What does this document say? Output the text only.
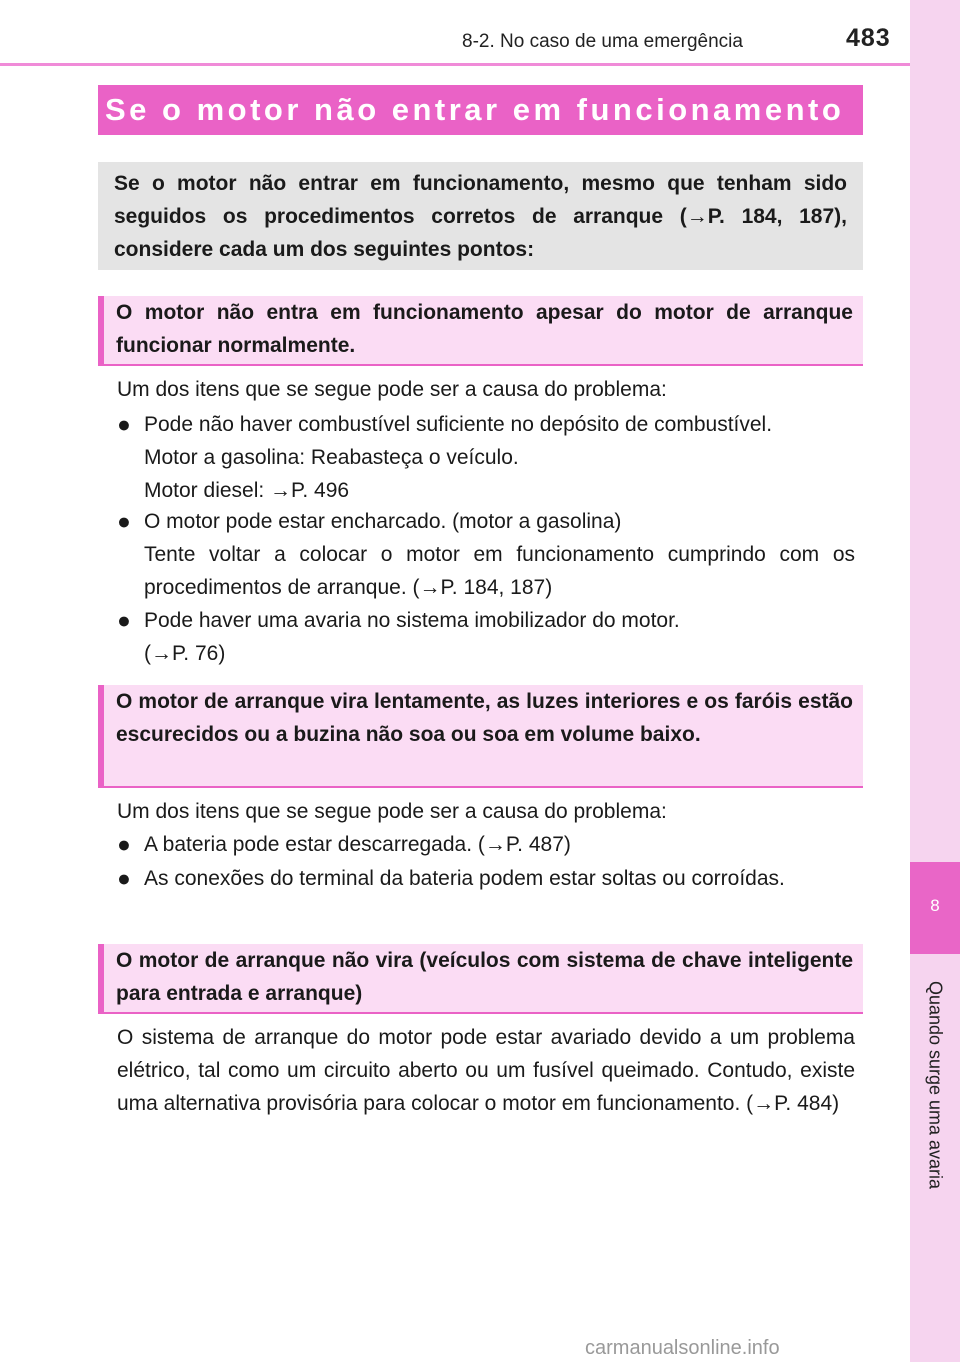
8-2. No caso de uma emergência	483
8
Quando surge uma avaria
Se o motor não entrar em funcionamento
Se o motor não entrar em funcionamento, mesmo que tenham sido seguidos os procedimentos corretos de arranque (→P. 184, 187), considere cada um dos seguintes pontos:
O motor não entra em funcionamento apesar do motor de arranque funcionar normalmente.
Um dos itens que se segue pode ser a causa do problema:
● Pode não haver combustível suficiente no depósito de combustível.
Motor a gasolina: Reabasteça o veículo.
Motor diesel: →P. 496
● O motor pode estar encharcado. (motor a gasolina)
Tente voltar a colocar o motor em funcionamento cumprindo com os procedimentos de arranque. (→P. 184, 187)
● Pode haver uma avaria no sistema imobilizador do motor.
(→P. 76)
O motor de arranque vira lentamente, as luzes interiores e os faróis estão escurecidos ou a buzina não soa ou soa em volume baixo.
Um dos itens que se segue pode ser a causa do problema:
● A bateria pode estar descarregada. (→P. 487)
● As conexões do terminal da bateria podem estar soltas ou corroídas.
O motor de arranque não vira (veículos com sistema de chave inteligente para entrada e arranque)
O sistema de arranque do motor pode estar avariado devido a um problema elétrico, tal como um circuito aberto ou um fusível queimado. Contudo, existe uma alternativa provisória para colocar o motor em funcionamento. (→P. 484)
carmanualsonline.info
